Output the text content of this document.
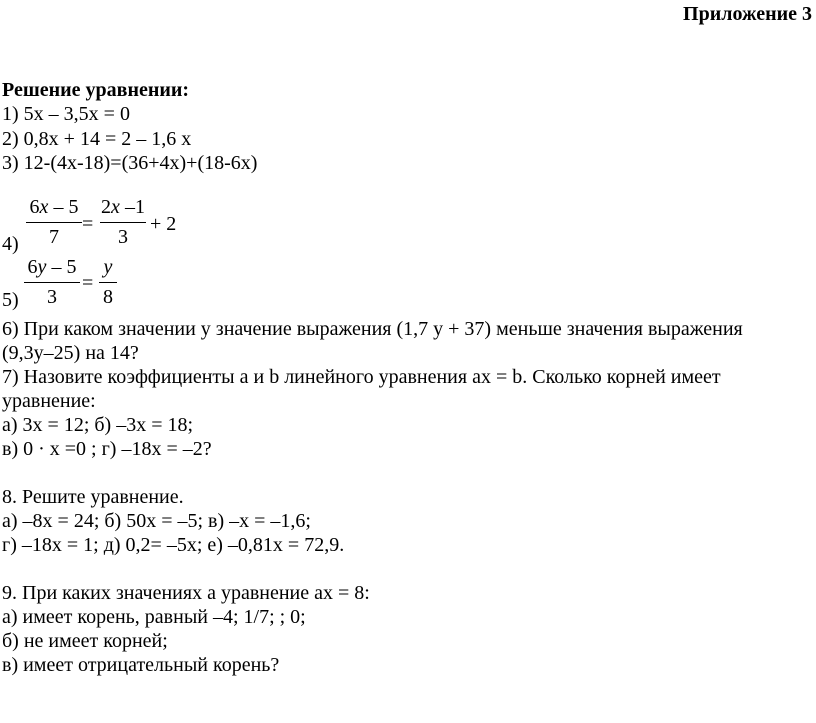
Приложение 3
Решение уравнении:
1) 5х – 3,5х = 0
2) 0,8х + 14 = 2 – 1,6 х
3) 12-(4х-18)=(36+4х)+(18-6х)
4)
6x – 5
7
=
2x –1
3
+ 2
5)
6y – 5
3
=
y
8
6) При каком значении у значение выражения (1,7 у + 37) меньше значения выражения
(9,3у–25) на 14?
7) Назовите коэффициенты а и b линейного уравнения ах = b. Сколько корней имеет
уравнение:
а) 3х = 12; б) –3х = 18;
в) 0 · х =0 ; г) –18х = –2?
8. Решите уравнение.
а) –8х = 24; б) 50х = –5; в) –х = –1,6;
г) –18х = 1; д) 0,2= –5х; е) –0,81х = 72,9.
9. При каких значениях а уравнение ах = 8:
а) имеет корень, равный –4; 1/7; ; 0;
б) не имеет корней;
в) имеет отрицательный корень?
